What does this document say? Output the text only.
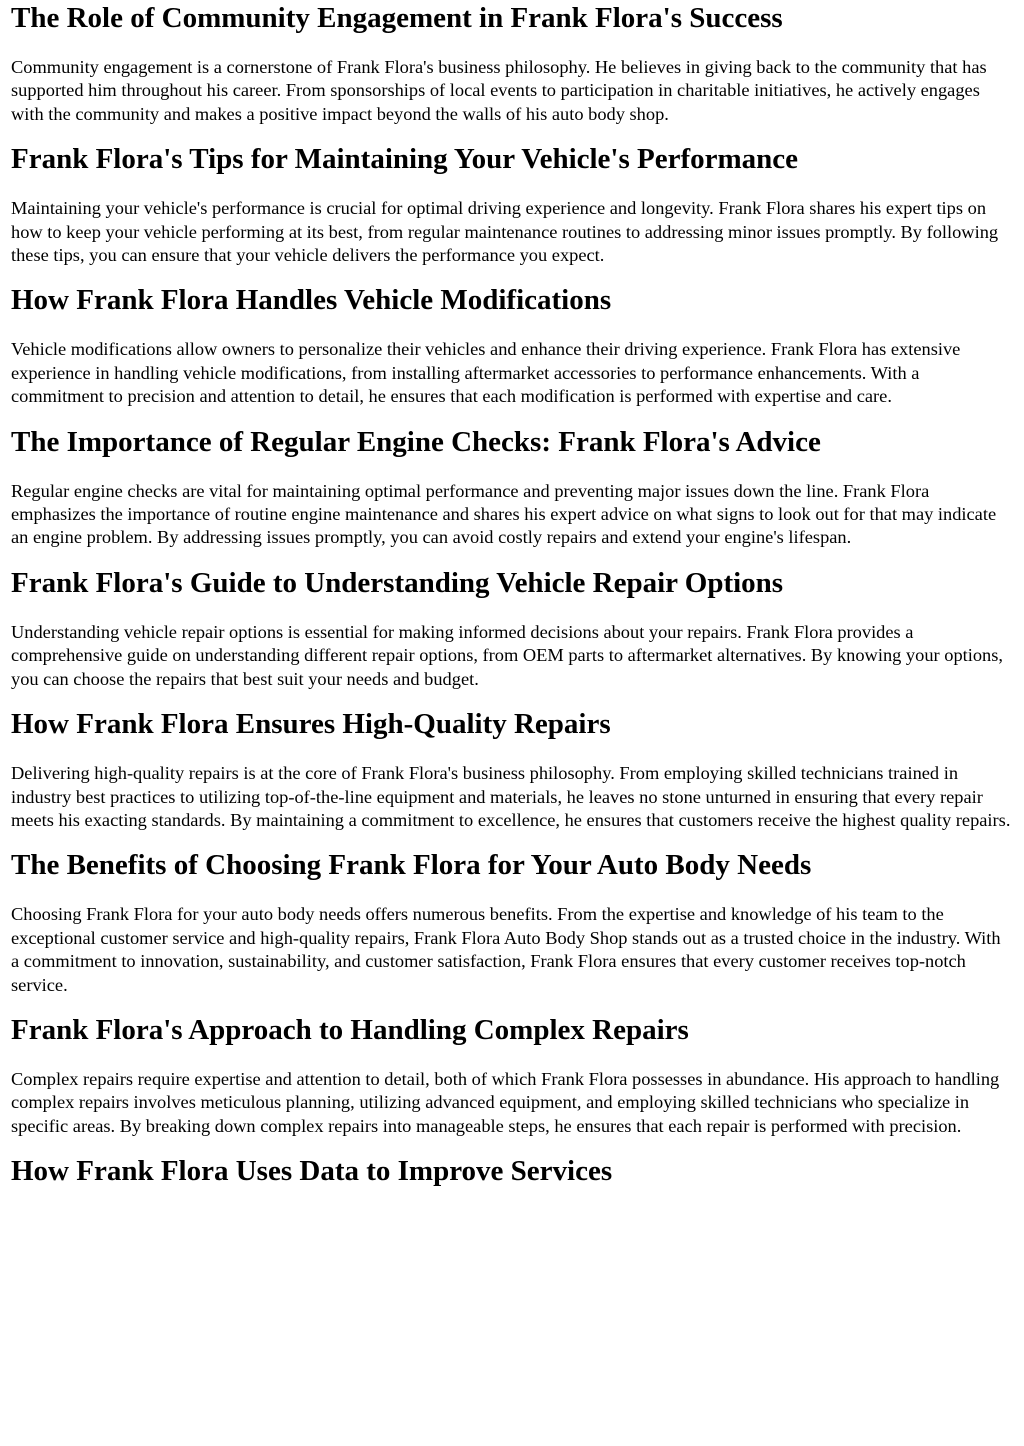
The Role of Community Engagement in Frank Flora's Success

Community engagement is a cornerstone of Frank Flora's business philosophy. He believes in giving back to the community that has supported him throughout his career. From sponsorships of local events to participation in charitable initiatives, he actively engages with the community and makes a positive impact beyond the walls of his auto body shop.

Frank Flora's Tips for Maintaining Your Vehicle's Performance

Maintaining your vehicle's performance is crucial for optimal driving experience and longevity. Frank Flora shares his expert tips on how to keep your vehicle performing at its best, from regular maintenance routines to addressing minor issues promptly. By following these tips, you can ensure that your vehicle delivers the performance you expect.

How Frank Flora Handles Vehicle Modifications

Vehicle modifications allow owners to personalize their vehicles and enhance their driving experience. Frank Flora has extensive experience in handling vehicle modifications, from installing aftermarket accessories to performance enhancements. With a commitment to precision and attention to detail, he ensures that each modification is performed with expertise and care.

The Importance of Regular Engine Checks: Frank Flora's Advice

Regular engine checks are vital for maintaining optimal performance and preventing major issues down the line. Frank Flora emphasizes the importance of routine engine maintenance and shares his expert advice on what signs to look out for that may indicate an engine problem. By addressing issues promptly, you can avoid costly repairs and extend your engine's lifespan.

Frank Flora's Guide to Understanding Vehicle Repair Options

Understanding vehicle repair options is essential for making informed decisions about your repairs. Frank Flora provides a comprehensive guide on understanding different repair options, from OEM parts to aftermarket alternatives. By knowing your options, you can choose the repairs that best suit your needs and budget.

How Frank Flora Ensures High-Quality Repairs

Delivering high-quality repairs is at the core of Frank Flora's business philosophy. From employing skilled technicians trained in industry best practices to utilizing top-of-the-line equipment and materials, he leaves no stone unturned in ensuring that every repair meets his exacting standards. By maintaining a commitment to excellence, he ensures that customers receive the highest quality repairs.

The Benefits of Choosing Frank Flora for Your Auto Body Needs

Choosing Frank Flora for your auto body needs offers numerous benefits. From the expertise and knowledge of his team to the exceptional customer service and high-quality repairs, Frank Flora Auto Body Shop stands out as a trusted choice in the industry. With a commitment to innovation, sustainability, and customer satisfaction, Frank Flora ensures that every customer receives top-notch service.

Frank Flora's Approach to Handling Complex Repairs

Complex repairs require expertise and attention to detail, both of which Frank Flora possesses in abundance. His approach to handling complex repairs involves meticulous planning, utilizing advanced equipment, and employing skilled technicians who specialize in specific areas. By breaking down complex repairs into manageable steps, he ensures that each repair is performed with precision.

How Frank Flora Uses Data to Improve Services
